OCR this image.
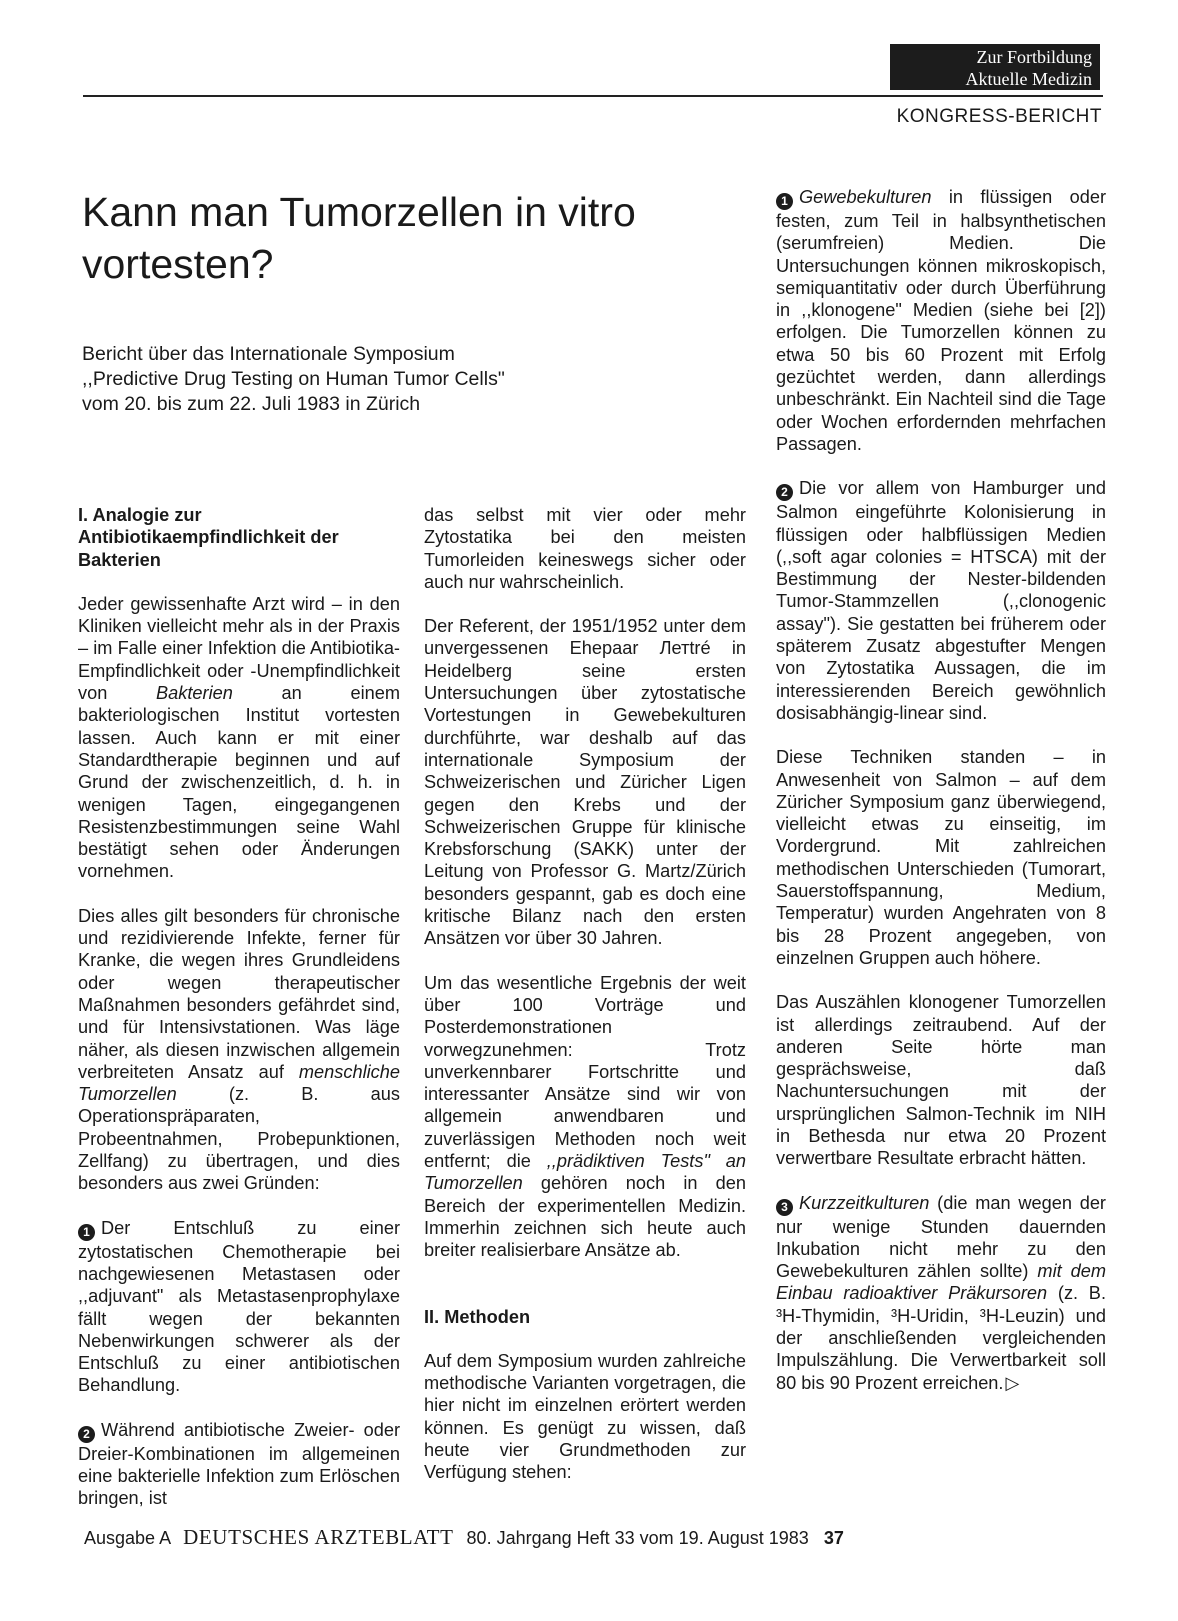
Zur Fortbildung
Aktuelle Medizin
KONGRESS-BERICHT
Kann man Tumorzellen in vitro vortesten?
Bericht über das Internationale Symposium
,,Predictive Drug Testing on Human Tumor Cells"
vom 20. bis zum 22. Juli 1983 in Zürich
I. Analogie zur Antibiotikaempfindlichkeit der Bakterien

Jeder gewissenhafte Arzt wird – in den Kliniken vielleicht mehr als in der Praxis – im Falle einer Infektion die Antibiotika-Empfindlichkeit oder -Unempfindlichkeit von Bakterien an einem bakteriologischen Institut vortesten lassen. Auch kann er mit einer Standardtherapie beginnen und auf Grund der zwischenzeitlich, d. h. in wenigen Tagen, eingegangenen Resistenzbestimmungen seine Wahl bestätigt sehen oder Änderungen vornehmen.

Dies alles gilt besonders für chronische und rezidivierende Infekte, ferner für Kranke, die wegen ihres Grundleidens oder wegen therapeutischer Maßnahmen besonders gefährdet sind, und für Intensivstationen. Was läge näher, als diesen inzwischen allgemein verbreiteten Ansatz auf menschliche Tumorzellen (z. B. aus Operationspräparaten, Probeentnahmen, Probepunktionen, Zellfang) zu übertragen, und dies besonders aus zwei Gründen:

1 Der Entschluß zu einer zytostatischen Chemotherapie bei nachgewiesenen Metastasen oder ,,adjuvant" als Metastasenprophylaxe fällt wegen der bekannten Nebenwirkungen schwerer als der Entschluß zu einer antibiotischen Behandlung.

2 Während antibiotische Zweier- oder Dreier-Kombinationen im allgemeinen eine bakterielle Infektion zum Erlöschen bringen, ist

das selbst mit vier oder mehr Zytostatika bei den meisten Tumorleiden keineswegs sicher oder auch nur wahrscheinlich.

Der Referent, der 1951/1952 unter dem unvergessenen Ehepaar Летtré in Heidelberg seine ersten Untersuchungen über zytostatische Vortestungen in Gewebekulturen durchführte, war deshalb auf das internationale Symposium der Schweizerischen und Züricher Ligen gegen den Krebs und der Schweizerischen Gruppe für klinische Krebsforschung (SAKK) unter der Leitung von Professor G. Martz/Zürich besonders gespannt, gab es doch eine kritische Bilanz nach den ersten Ansätzen vor über 30 Jahren.

Um das wesentliche Ergebnis der weit über 100 Vorträge und Posterdemonstrationen vorwegzunehmen: Trotz unverkennbarer Fortschritte und interessanter Ansätze sind wir von allgemein anwendbaren und zuverlässigen Methoden noch weit entfernt; die ,,prädiktiven Tests" an Tumorzellen gehören noch in den Bereich der experimentellen Medizin. Immerhin zeichnen sich heute auch breiter realisierbare Ansätze ab.

II. Methoden

Auf dem Symposium wurden zahlreiche methodische Varianten vorgetragen, die hier nicht im einzelnen erörtert werden können. Es genügt zu wissen, daß heute vier Grundmethoden zur Verfügung stehen:

1 Gewebekulturen in flüssigen oder festen, zum Teil in halbsynthetischen (serumfreien) Medien. Die Untersuchungen können mikroskopisch, semiquantitativ oder durch Überführung in ,,klonogene" Medien (siehe bei [2]) erfolgen. Die Tumorzellen können zu etwa 50 bis 60 Prozent mit Erfolg gezüchtet werden, dann allerdings unbeschränkt. Ein Nachteil sind die Tage oder Wochen erfordernden mehrfachen Passagen.

2 Die vor allem von Hamburger und Salmon eingeführte Kolonisierung in flüssigen oder halbflüssigen Medien (,,soft agar colonies = HTSCA) mit der Bestimmung der Nester-bildenden Tumor-Stammzellen (,,clonogenic assay"). Sie gestatten bei früherem oder späterem Zusatz abgestufter Mengen von Zytostatika Aussagen, die im interessierenden Bereich gewöhnlich dosisabhängig-linear sind.

Diese Techniken standen – in Anwesenheit von Salmon – auf dem Züricher Symposium ganz überwiegend, vielleicht etwas zu einseitig, im Vordergrund. Mit zahlreichen methodischen Unterschieden (Tumorart, Sauerstoffspannung, Medium, Temperatur) wurden Angehraten von 8 bis 28 Prozent angegeben, von einzelnen Gruppen auch höhere.

Das Auszählen klonogener Tumorzellen ist allerdings zeitraubend. Auf der anderen Seite hörte man gesprächsweise, daß Nachuntersuchungen mit der ursprünglichen Salmon-Technik im NIH in Bethesda nur etwa 20 Prozent verwertbare Resultate erbracht hätten.

3 Kurzzeitkulturen (die man wegen der nur wenige Stunden dauernden Inkubation nicht mehr zu den Gewebekulturen zählen sollte) mit dem Einbau radioaktiver Präkursoren (z. B. ³H-Thymidin, ³H-Uridin, ³H-Leuzin) und der anschließenden vergleichenden Impulszählung. Die Verwertbarkeit soll 80 bis 90 Prozent erreichen. ▷

Ausgabe A DEUTSCHES ARZTEBLATT 80. Jahrgang Heft 33 vom 19. August 1983 37
